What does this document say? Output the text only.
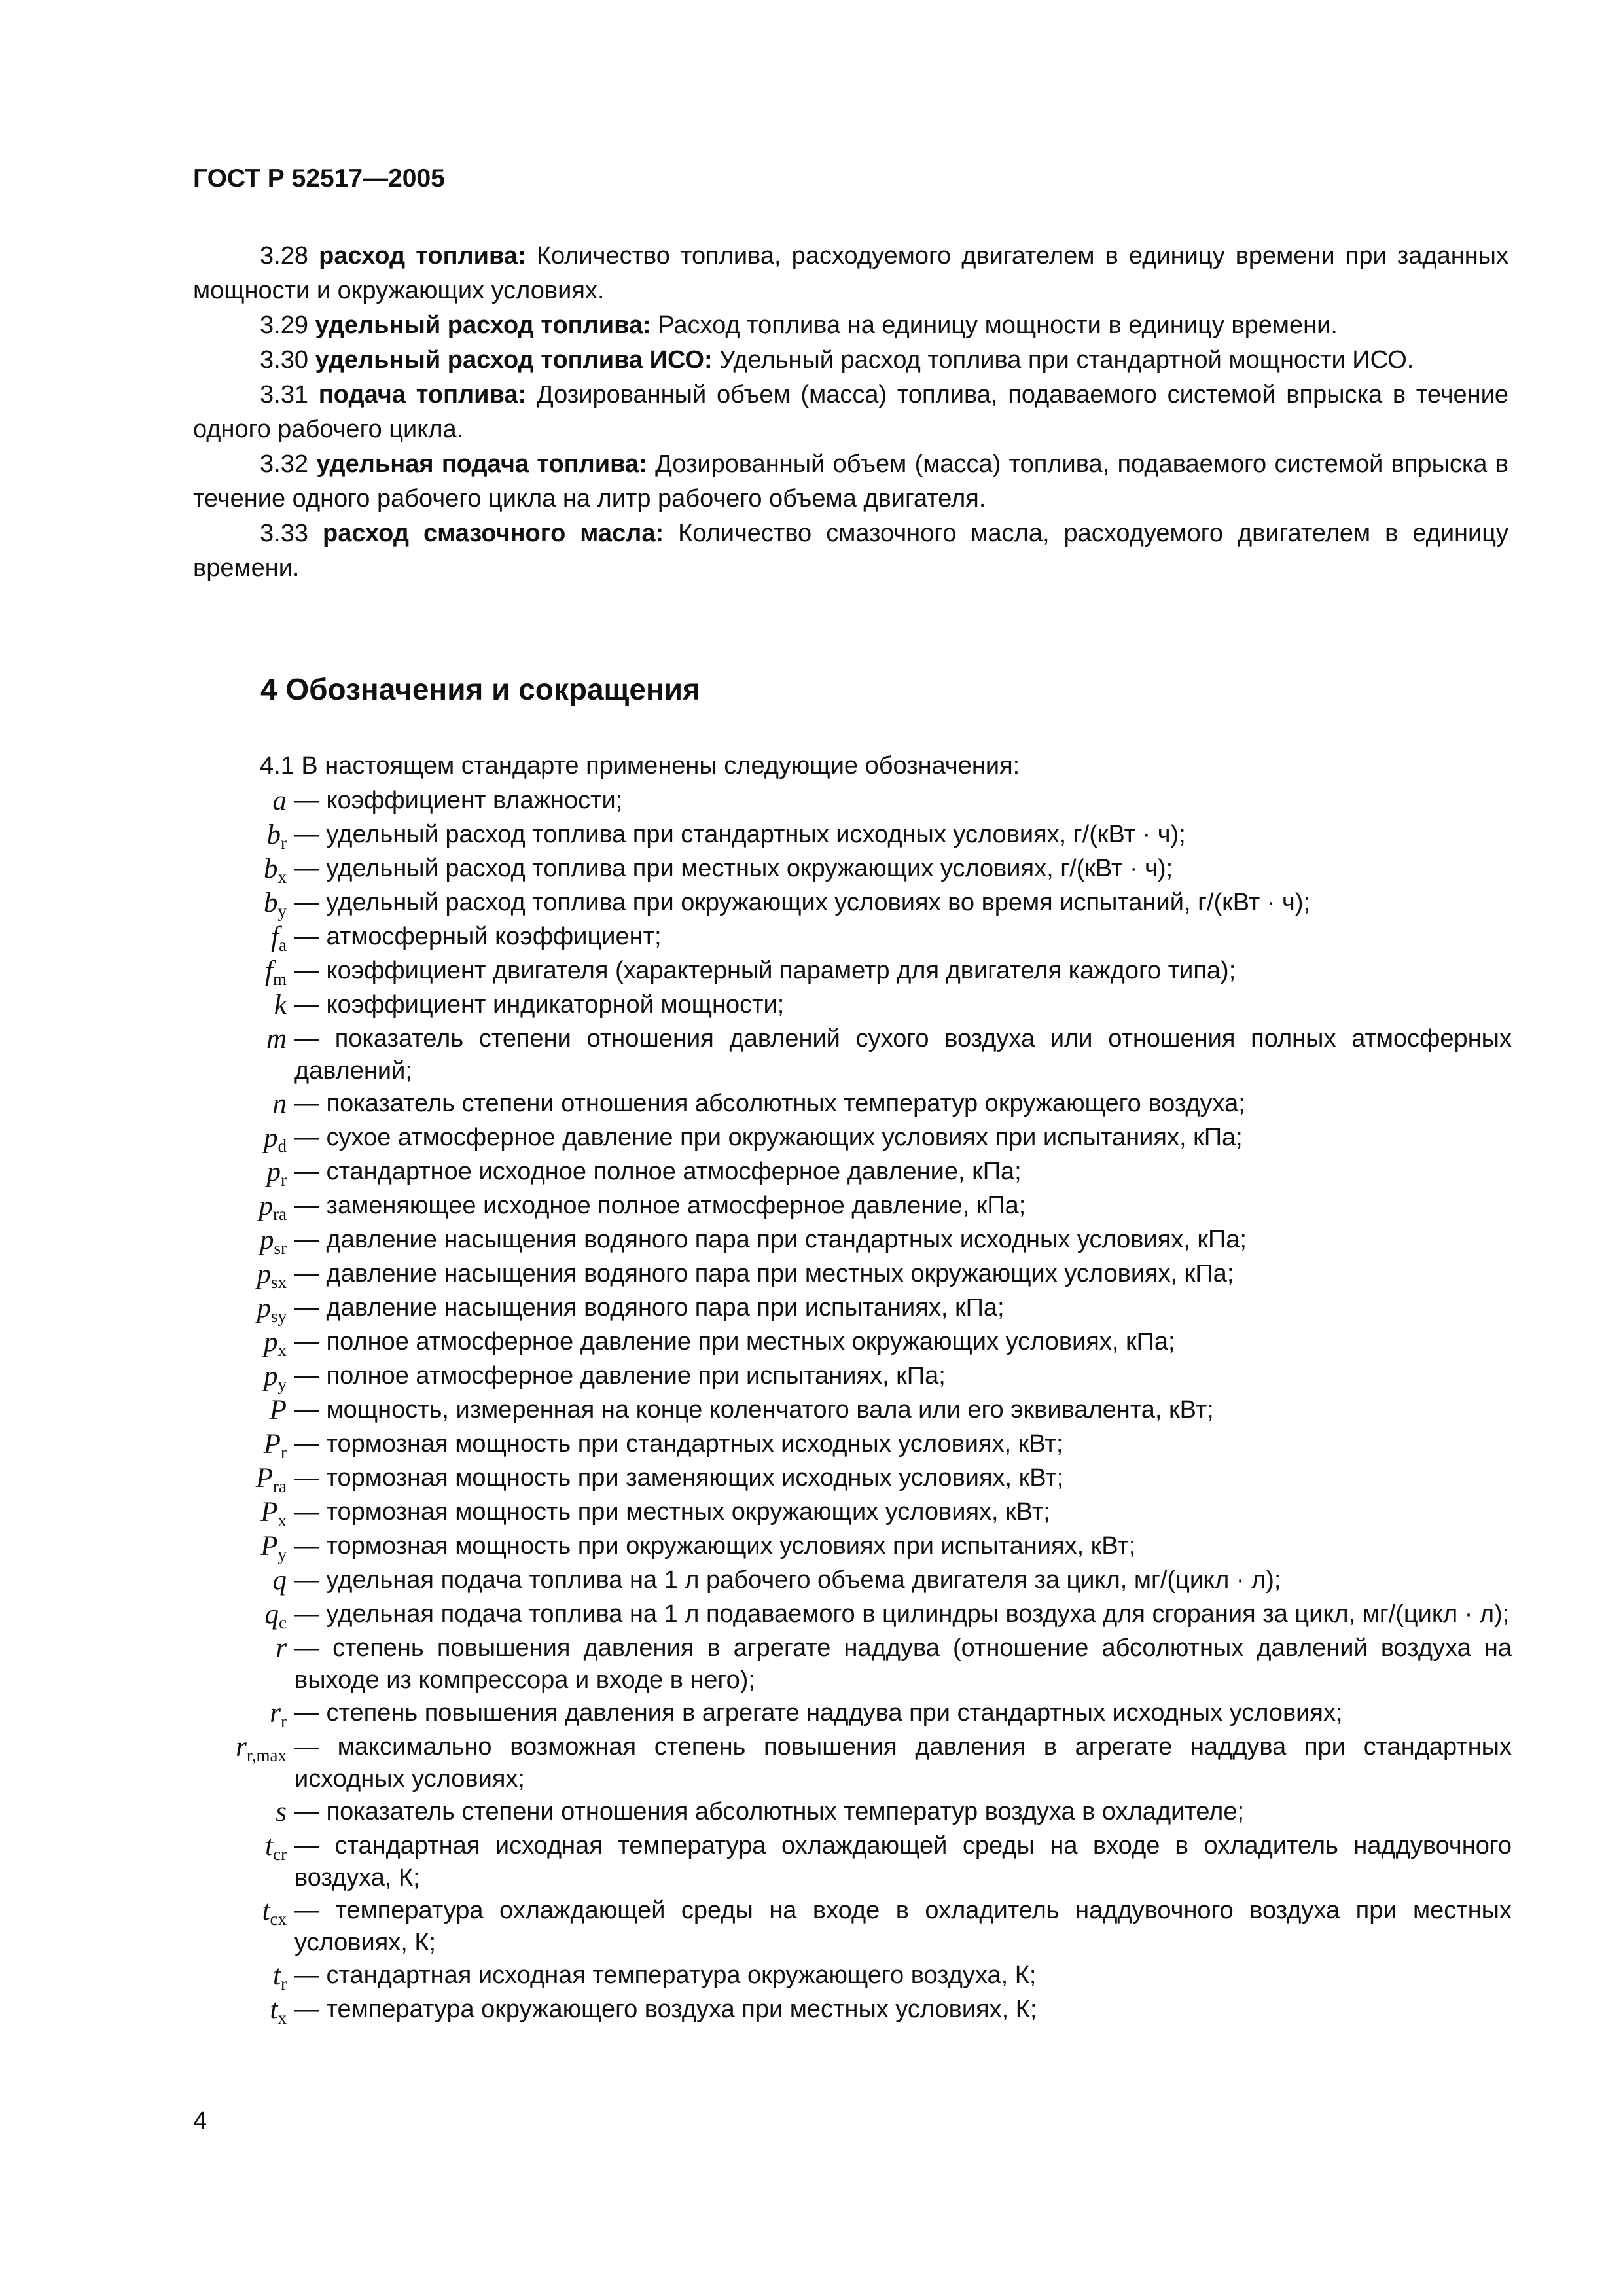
ГОСТ Р 52517—2005

3.28 расход топлива: Количество топлива, расходуемого двигателем в единицу времени при заданных мощности и окружающих условиях.

3.29 удельный расход топлива: Расход топлива на единицу мощности в единицу времени.

3.30 удельный расход топлива ИСО: Удельный расход топлива при стандартной мощности ИСО.

3.31 подача топлива: Дозированный объем (масса) топлива, подаваемого системой впрыска в течение одного рабочего цикла.

3.32 удельная подача топлива: Дозированный объем (масса) топлива, подаваемого системой впрыска в течение одного рабочего цикла на литр рабочего объема двигателя.

3.33 расход смазочного масла: Количество смазочного масла, расходуемого двигателем в единицу времени.

4 Обозначения и сокращения
4.1 В настоящем стандарте применены следующие обозначения:
a — коэффициент влажности;
$b_r$ — удельный расход топлива при стандартных исходных условиях, г/(кВт · ч);
$b_x$ — удельный расход топлива при местных окружающих условиях, г/(кВт · ч);
$b_y$ — удельный расход топлива при окружающих условиях во время испытаний, г/(кВт · ч);
$f_a$ — атмосферный коэффициент;
$f_m$ — коэффициент двигателя (характерный параметр для двигателя каждого типа);
k — коэффициент индикаторной мощности;
m — показатель степени отношения давлений сухого воздуха или отношения полных атмосферных давлений;
n — показатель степени отношения абсолютных температур окружающего воздуха;
$p_d$ — сухое атмосферное давление при окружающих условиях при испытаниях, кПа;
$p_r$ — стандартное исходное полное атмосферное давление, кПа;
$p_{ra}$ — заменяющее исходное полное атмосферное давление, кПа;
$p_{sr}$ — давление насыщения водяного пара при стандартных исходных условиях, кПа;
$p_{sx}$ — давление насыщения водяного пара при местных окружающих условиях, кПа;
$p_{sy}$ — давление насыщения водяного пара при испытаниях, кПа;
$p_x$ — полное атмосферное давление при местных окружающих условиях, кПа;
$p_y$ — полное атмосферное давление при испытаниях, кПа;
P — мощность, измеренная на конце коленчатого вала или его эквивалента, кВт;
$P_r$ — тормозная мощность при стандартных исходных условиях, кВт;
$P_{ra}$ — тормозная мощность при заменяющих исходных условиях, кВт;
$P_x$ — тормозная мощность при местных окружающих условиях, кВт;
$P_y$ — тормозная мощность при окружающих условиях при испытаниях, кВт;
q — удельная подача топлива на 1 л рабочего объема двигателя за цикл, мг/(цикл · л);
$q_c$ — удельная подача топлива на 1 л подаваемого в цилиндры воздуха для сгорания за цикл, мг/(цикл · л);
r — степень повышения давления в агрегате наддува (отношение абсолютных давлений воздуха на выходе из компрессора и входе в него);
$r_r$ — степень повышения давления в агрегате наддува при стандартных исходных условиях;
$r_{r,max}$ — максимально возможная степень повышения давления в агрегате наддува при стандартных исходных условиях;
s — показатель степени отношения абсолютных температур воздуха в охладителе;
$t_{cr}$ — стандартная исходная температура охлаждающей среды на входе в охладитель наддувочного воздуха, К;
$t_{cx}$ — температура охлаждающей среды на входе в охладитель наддувочного воздуха при местных условиях, К;
$t_r$ — стандартная исходная температура окружающего воздуха, К;
$t_x$ — температура окружающего воздуха при местных условиях, К;
4
